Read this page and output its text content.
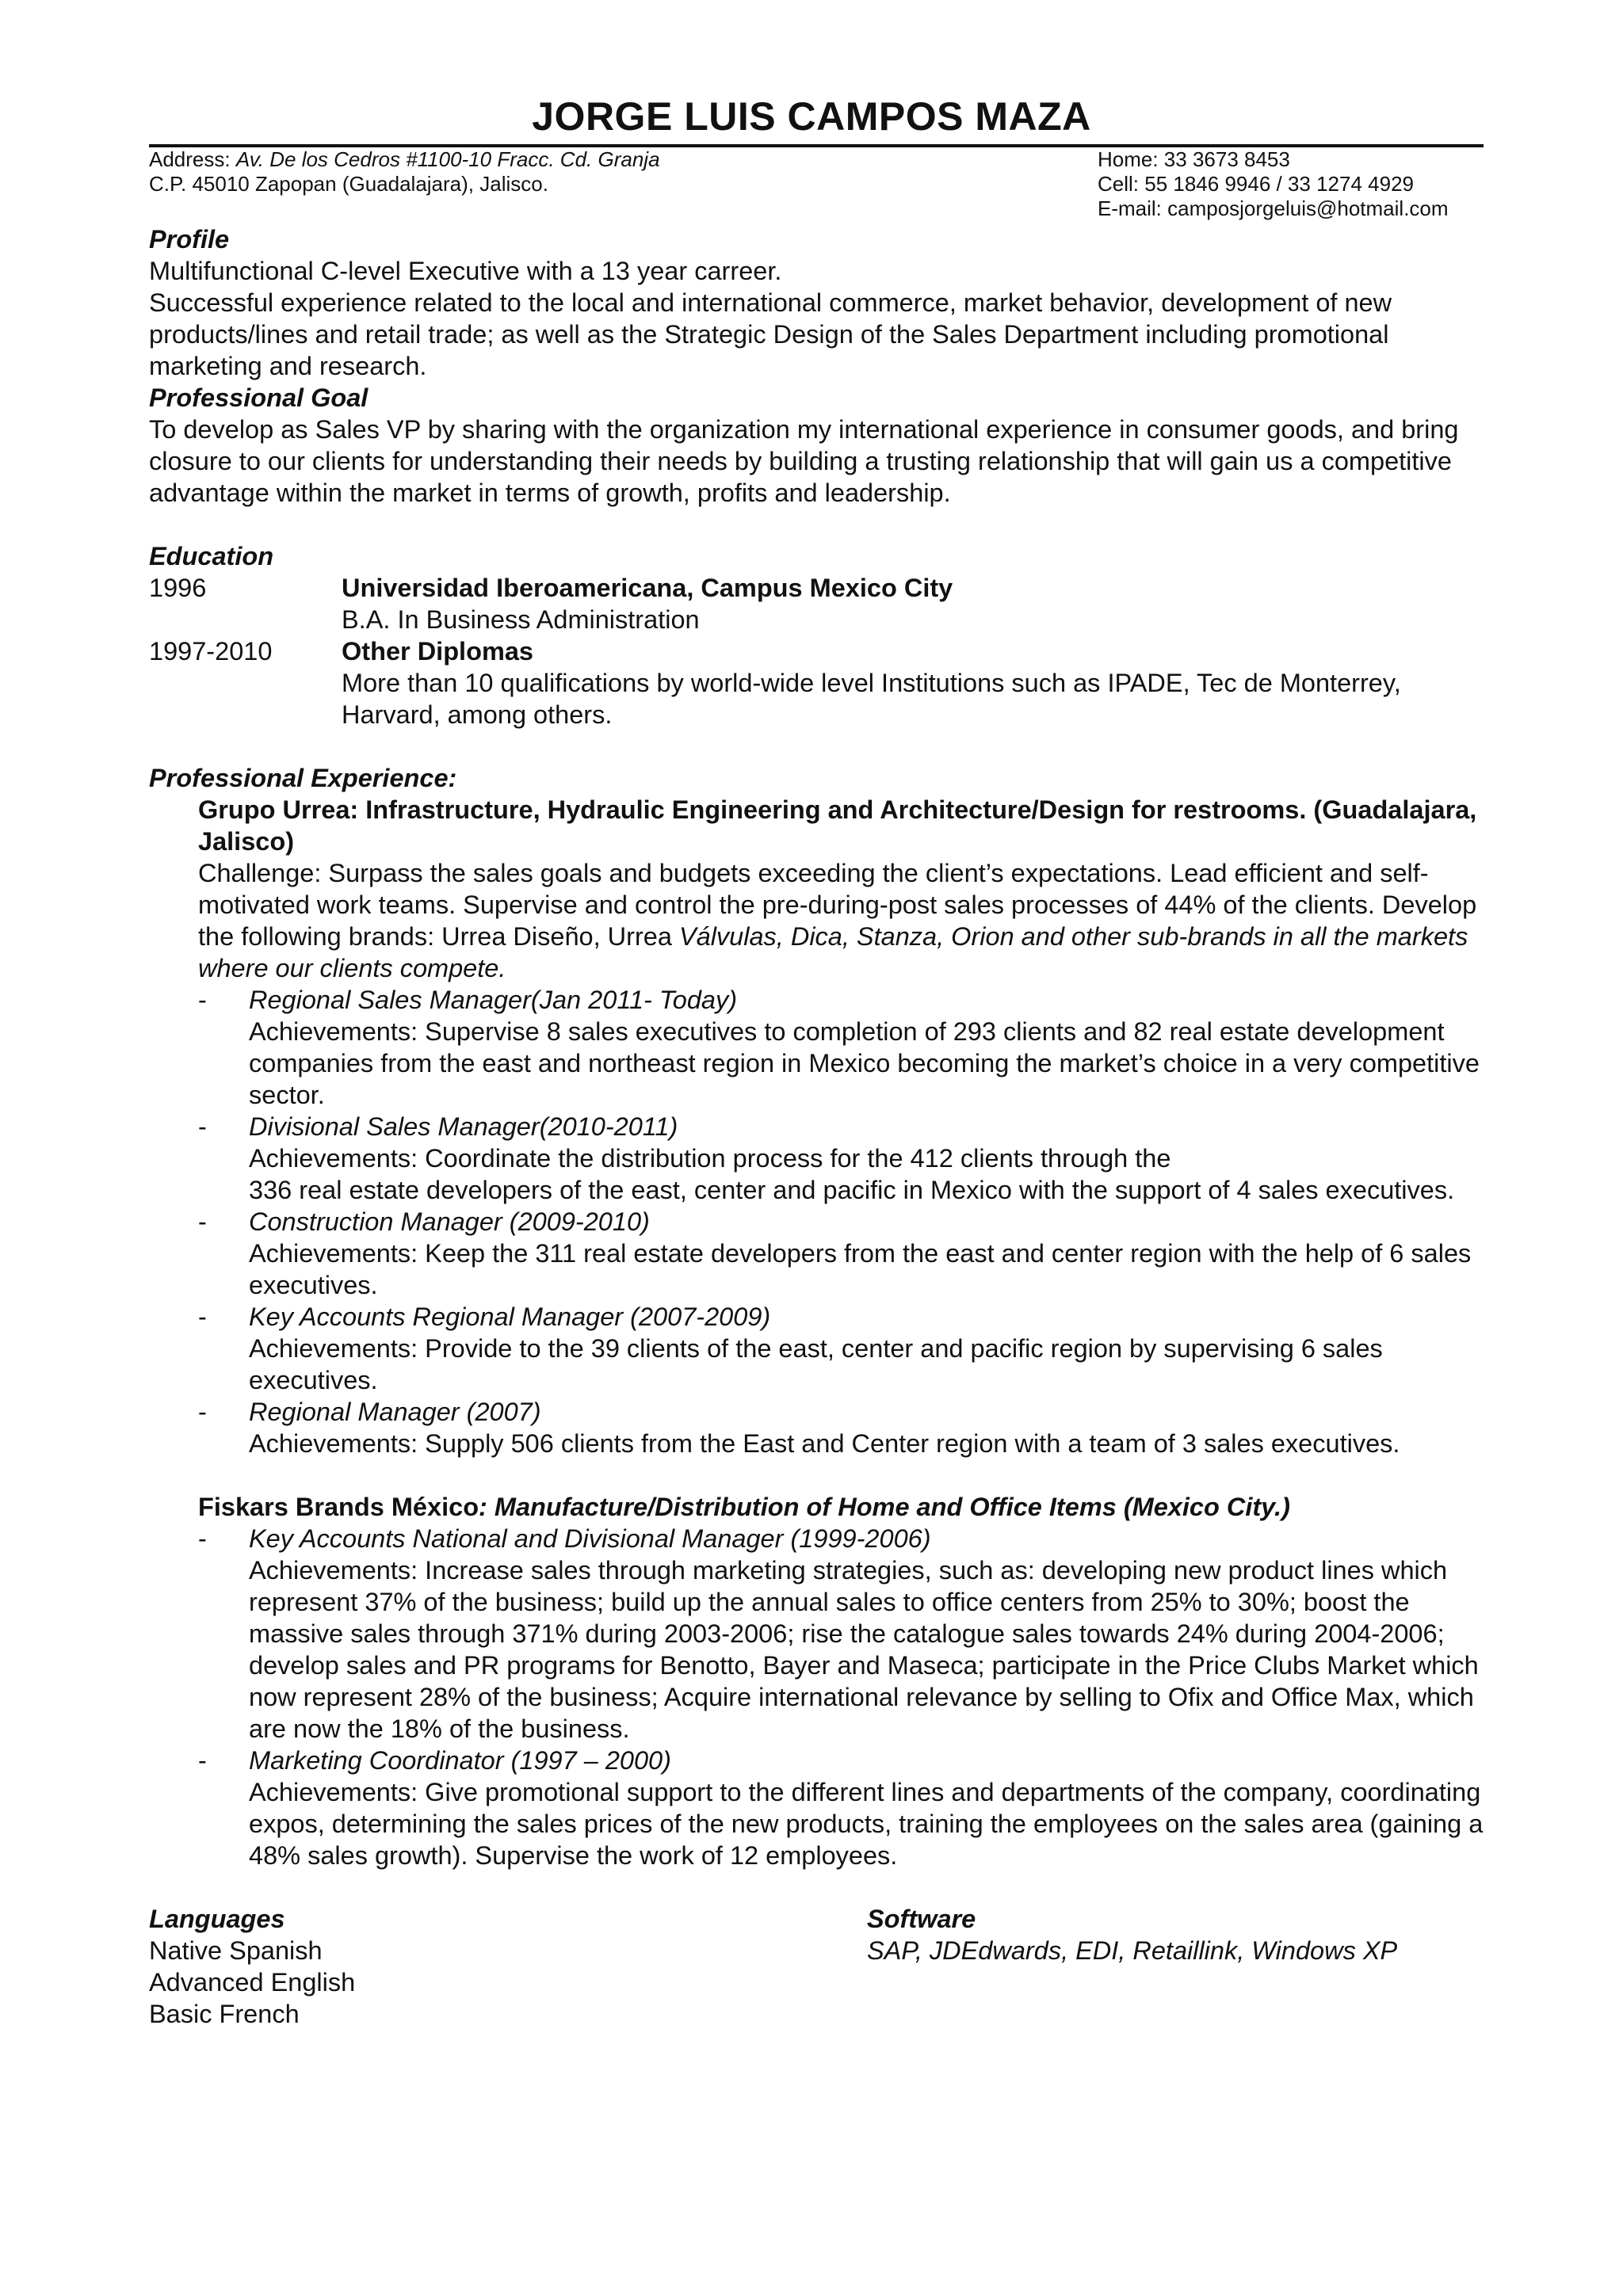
JORGE LUIS CAMPOS MAZA
Address: Av. De los Cedros #1100-10 Fracc. Cd. Granja
C.P. 45010 Zapopan (Guadalajara), Jalisco.
Home: 33 3673 8453
Cell: 55 1846 9946 / 33 1274 4929
E-mail: camposjorgeluis@hotmail.com

Profile

Multifunctional C-level Executive with a 13 year carreer.

Successful experience related to the local and international commerce, market behavior, development of new products/lines and retail trade; as well as the Strategic Design of the Sales Department including promotional marketing and research.

Professional Goal

To develop as Sales VP by sharing with the organization my international experience in consumer goods, and bring closure to our clients for understanding their needs by building a trusting relationship that will gain us a competitive advantage within the market in terms of growth, profits and leadership.

Education

1996	Universidad Iberoamericana, Campus Mexico City

B.A. In Business Administration

1997-2010	Other Diplomas

More than 10 qualifications by world-wide level Institutions such as IPADE, Tec de Monterrey, Harvard, among others.

Professional Experience:

Grupo Urrea: Infrastructure, Hydraulic Engineering and Architecture/Design for restrooms. (Guadalajara, Jalisco)

Challenge: Surpass the sales goals and budgets exceeding the client’s expectations. Lead efficient and self-motivated work teams. Supervise and control the pre-during-post sales processes of 44% of the clients. Develop the following brands: Urrea Diseño, Urrea Válvulas, Dica, Stanza, Orion and other sub-brands in all the markets where our clients compete.

-	Regional Sales Manager(Jan 2011- Today)

Achievements: Supervise 8 sales executives to completion of 293 clients and 82 real estate development companies from the east and northeast region in Mexico becoming the market’s choice in a very competitive sector.

-	Divisional Sales Manager(2010-2011)

Achievements: Coordinate the distribution process for the 412 clients through the

336 real estate developers of the east, center and pacific in Mexico with the support of 4 sales executives.

-	Construction Manager (2009-2010)

Achievements: Keep the 311 real estate developers from the east and center region with the help of 6 sales executives.

-	Key Accounts Regional Manager (2007-2009)

Achievements: Provide to the 39 clients of the east, center and pacific region by supervising 6 sales executives.

-	Regional Manager (2007)

Achievements: Supply 506 clients from the East and Center region with a team of 3 sales executives.

Fiskars Brands México: Manufacture/Distribution of Home and Office Items (Mexico City.)

-	Key Accounts National and Divisional Manager (1999-2006)

Achievements: Increase sales through marketing strategies, such as: developing new product lines which represent 37% of the business; build up the annual sales to office centers from 25% to 30%; boost the massive sales through 371% during 2003-2006; rise the catalogue sales towards 24% during 2004-2006; develop sales and PR programs for Benotto, Bayer and Maseca; participate in the Price Clubs Market which now represent 28% of the business; Acquire international relevance by selling to Ofix and Office Max, which are now the 18% of the business.

-	Marketing Coordinator (1997 – 2000)

Achievements: Give promotional support to the different lines and departments of the company, coordinating expos, determining the sales prices of the new products, training the employees on the sales area (gaining a 48% sales growth). Supervise the work of 12 employees.

Languages

Native Spanish

Advanced English

Basic French

Software

SAP, JDEdwards, EDI, Retaillink, Windows XP
